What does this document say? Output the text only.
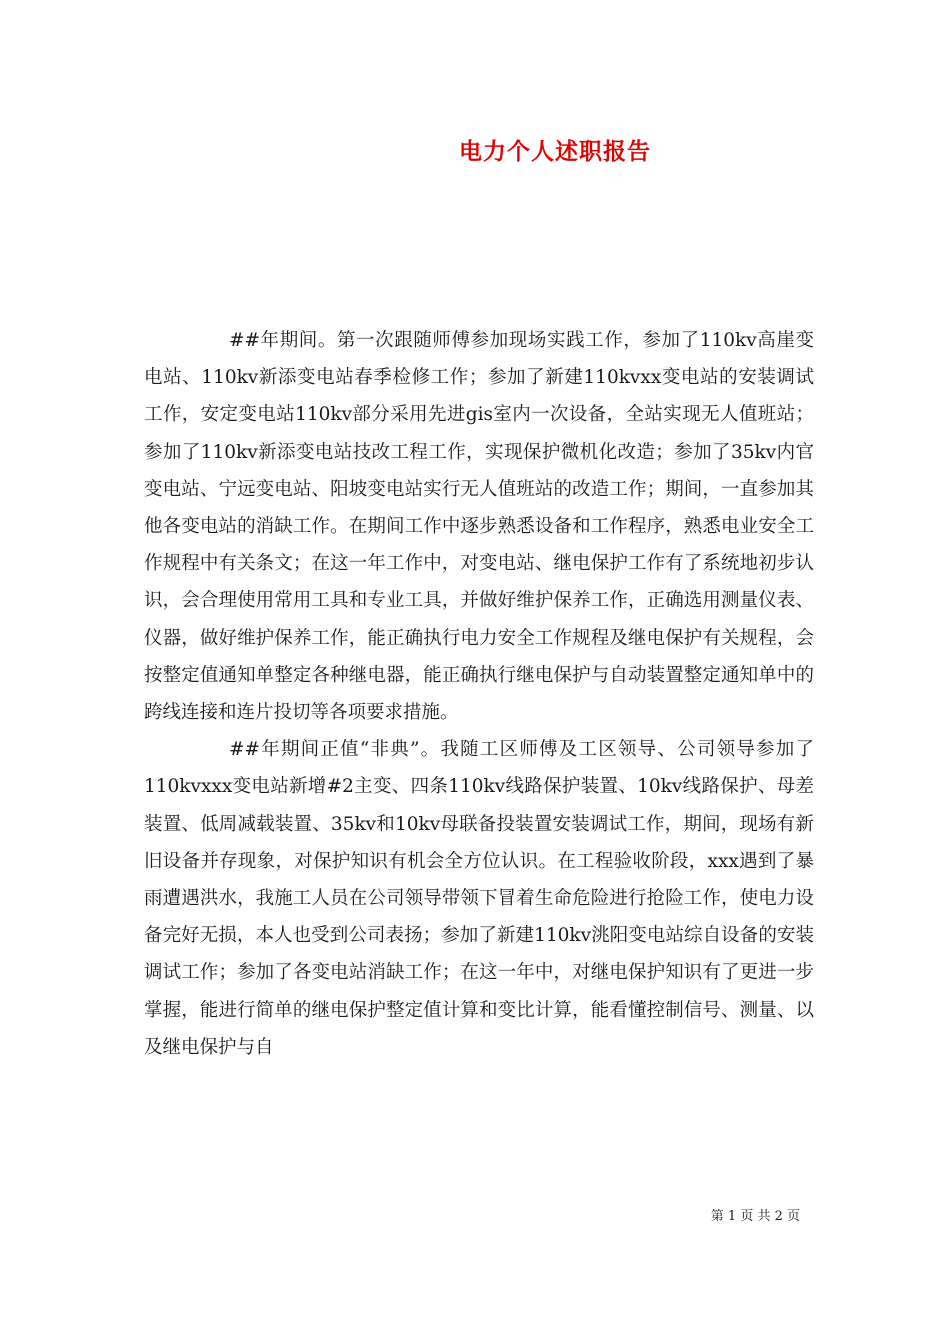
电力个人述职报告

##年期间。第一次跟随师傅参加现场实践工作，参加了110kv高崖变电站、110kv新添变电站春季检修工作；参加了新建110kvxx变电站的安装调试工作，安定变电站110kv部分采用先进gis室内一次设备，全站实现无人值班站；参加了110kv新添变电站技改工程工作，实现保护微机化改造；参加了35kv内官变电站、宁远变电站、阳坡变电站实行无人值班站的改造工作；期间，一直参加其他各变电站的消缺工作。在期间工作中逐步熟悉设备和工作程序，熟悉电业安全工作规程中有关条文；在这一年工作中，对变电站、继电保护工作有了系统地初步认识，会合理使用常用工具和专业工具，并做好维护保养工作，正确选用测量仪表、仪器，做好维护保养工作，能正确执行电力安全工作规程及继电保护有关规程，会按整定值通知单整定各种继电器，能正确执行继电保护与自动装置整定通知单中的跨线连接和连片投切等各项要求措施。

##年期间正值“非典”。我随工区师傅及工区领导、公司领导参加了110kvxxx变电站新增#2主变、四条110kv线路保护装置、10kv线路保护、母差装置、低周减载装置、35kv和10kv母联备投装置安装调试工作，期间，现场有新旧设备并存现象，对保护知识有机会全方位认识。在工程验收阶段，xxx遇到了暴雨遭遇洪水，我施工人员在公司领导带领下冒着生命危险进行抢险工作，使电力设备完好无损，本人也受到公司表扬；参加了新建110kv洮阳变电站综自设备的安装调试工作；参加了各变电站消缺工作；在这一年中，对继电保护知识有了更进一步掌握，能进行简单的继电保护整定值计算和变比计算，能看懂控制信号、测量、以及继电保护与自

第 1 页 共 2 页
